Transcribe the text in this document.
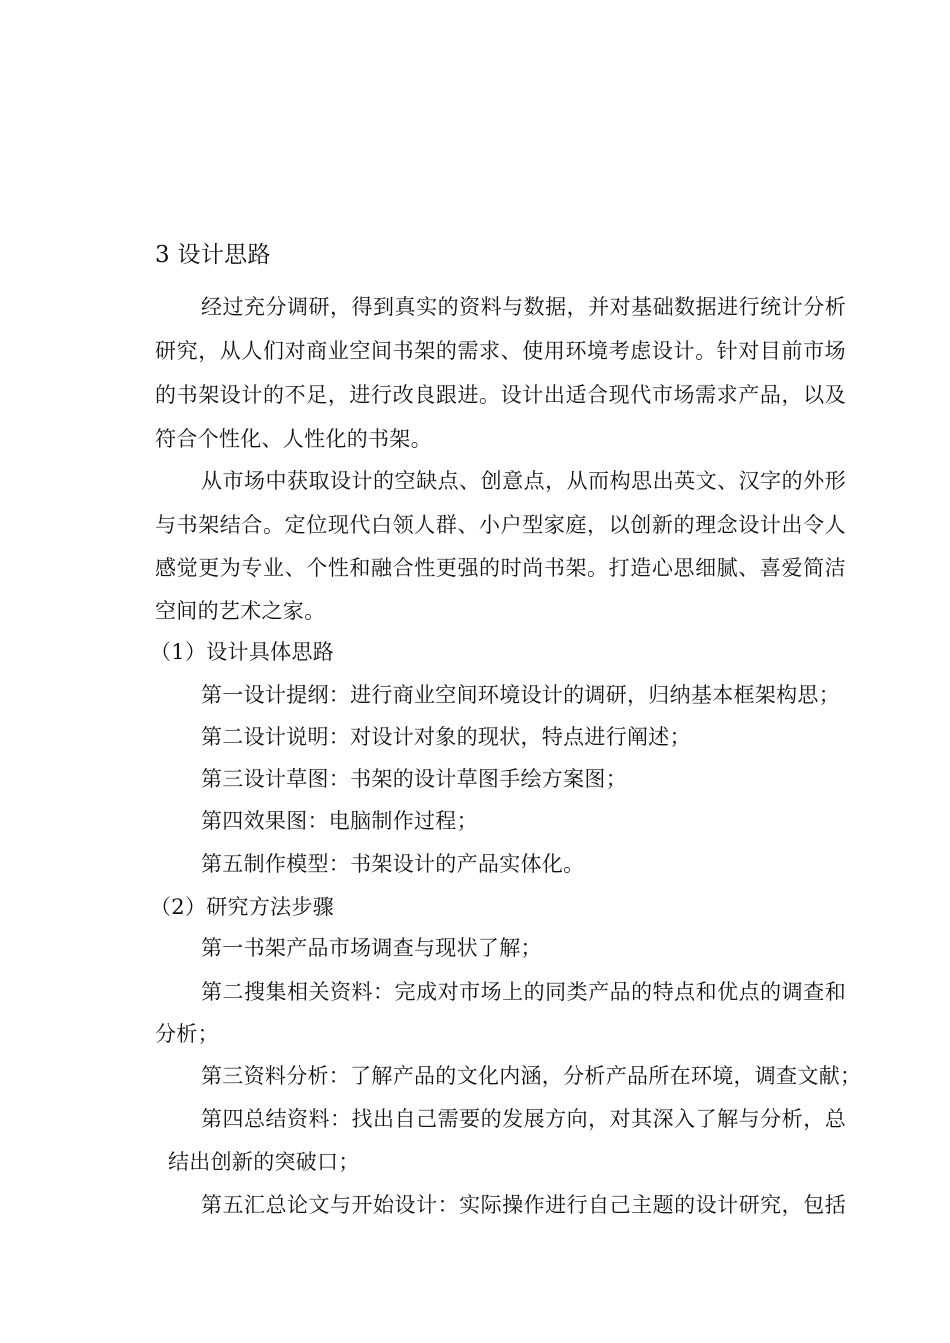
3 设计思路
经过充分调研，得到真实的资料与数据，并对基础数据进行统计分析
研究，从人们对商业空间书架的需求、使用环境考虑设计。针对目前市场
的书架设计的不足，进行改良跟进。设计出适合现代市场需求产品，以及
符合个性化、人性化的书架。
从市场中获取设计的空缺点、创意点，从而构思出英文、汉字的外形
与书架结合。定位现代白领人群、小户型家庭，以创新的理念设计出令人
感觉更为专业、个性和融合性更强的时尚书架。打造心思细腻、喜爱简洁
空间的艺术之家。
（1）设计具体思路
第一设计提纲：进行商业空间环境设计的调研，归纳基本框架构思；
第二设计说明：对设计对象的现状，特点进行阐述；
第三设计草图：书架的设计草图手绘方案图；
第四效果图：电脑制作过程；
第五制作模型：书架设计的产品实体化。
（2）研究方法步骤
第一书架产品市场调查与现状了解；
第二搜集相关资料：完成对市场上的同类产品的特点和优点的调查和
分析；
第三资料分析：了解产品的文化内涵，分析产品所在环境，调查文献；
第四总结资料：找出自己需要的发展方向，对其深入了解与分析，总
结出创新的突破口；
第五汇总论文与开始设计：实际操作进行自己主题的设计研究，包括
